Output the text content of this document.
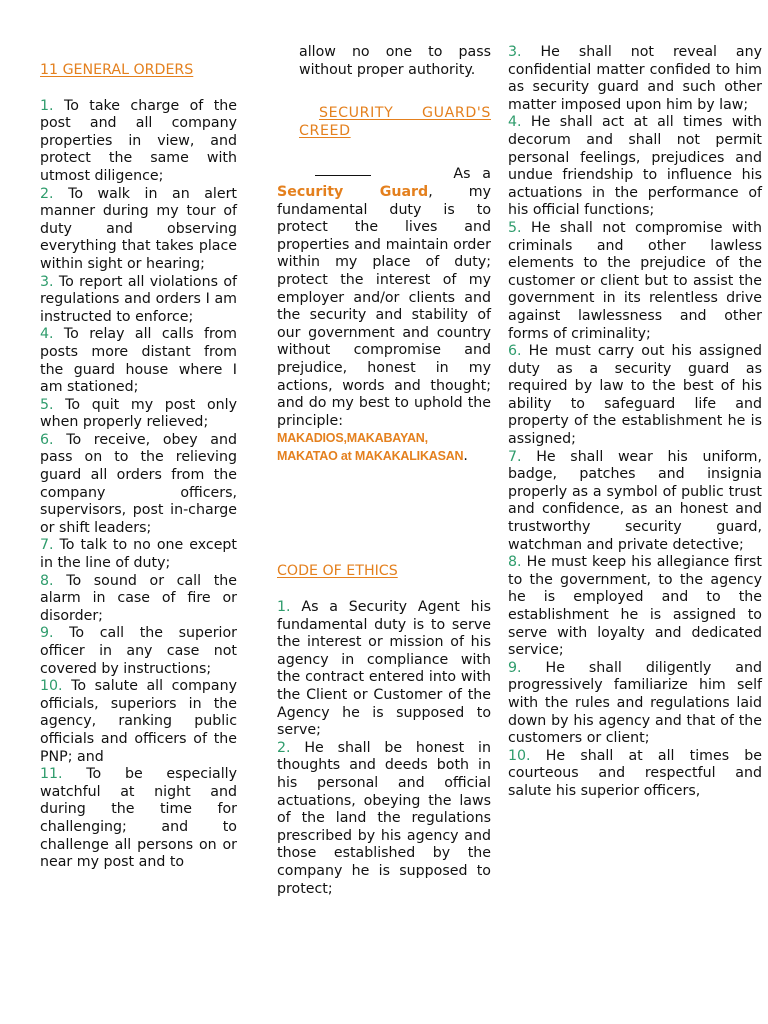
11 GENERAL ORDERS

1. To take charge of the post and all company properties in view, and protect the same with utmost diligence;

2. To walk in an alert manner during my tour of duty and observing everything that takes place within sight or hearing;

3. To report all violations of regulations and orders I am instructed to enforce;

4. To relay all calls from posts more distant from the guard house where I am stationed;

5. To quit my post only when properly relieved;

6. To receive, obey and pass on to the relieving guard all orders from the company officers, supervisors, post in-charge or shift leaders;

7. To talk to no one except in the line of duty;

8. To sound or call the alarm in case of fire or disorder;

9. To call the superior officer in any case not covered by instructions;

10. To salute all company officials, superiors in the agency, ranking public officials and officers of the PNP; and

11. To be especially watchful at night and during the time for challenging; and to challenge all persons on or near my post and to

allow no one to pass without proper authority.

SECURITY GUARD'S CREED

As a Security Guard, my fundamental duty is to protect the lives and properties and maintain order within my place of duty; protect the interest of my employer and/or clients and the security and stability of our government and country without compromise and prejudice, honest in my actions, words and thought; and do my best to uphold the principle:

MAKADIOS,MAKABAYAN,
MAKATAO at MAKAKALIKASAN.

CODE OF ETHICS

1. As a Security Agent his fundamental duty is to serve the interest or mission of his agency in compliance with the contract entered into with the Client or Customer of the Agency he is supposed to serve;

2. He shall be honest in thoughts and deeds both in his personal and official actuations, obeying the laws of the land the regulations prescribed by his agency and those established by the company he is supposed to protect;

3. He shall not reveal any confidential matter confided to him as security guard and such other matter imposed upon him by law;

4. He shall act at all times with decorum and shall not permit personal feelings, prejudices and undue friendship to influence his actuations in the performance of his official functions;

5. He shall not compromise with criminals and other lawless elements to the prejudice of the customer or client but to assist the government in its relentless drive against lawlessness and other forms of criminality;

6. He must carry out his assigned duty as a security guard as required by law to the best of his ability to safeguard life and property of the establishment he is assigned;

7. He shall wear his uniform, badge, patches and insignia properly as a symbol of public trust and confidence, as an honest and trustworthy security guard, watchman and private detective;

8. He must keep his allegiance first to the government, to the agency he is employed and to the establishment he is assigned to serve with loyalty and dedicated service;

9. He shall diligently and progressively familiarize him self with the rules and regulations laid down by his agency and that of the customers or client;

10. He shall at all times be courteous and respectful and salute his superior officers,
